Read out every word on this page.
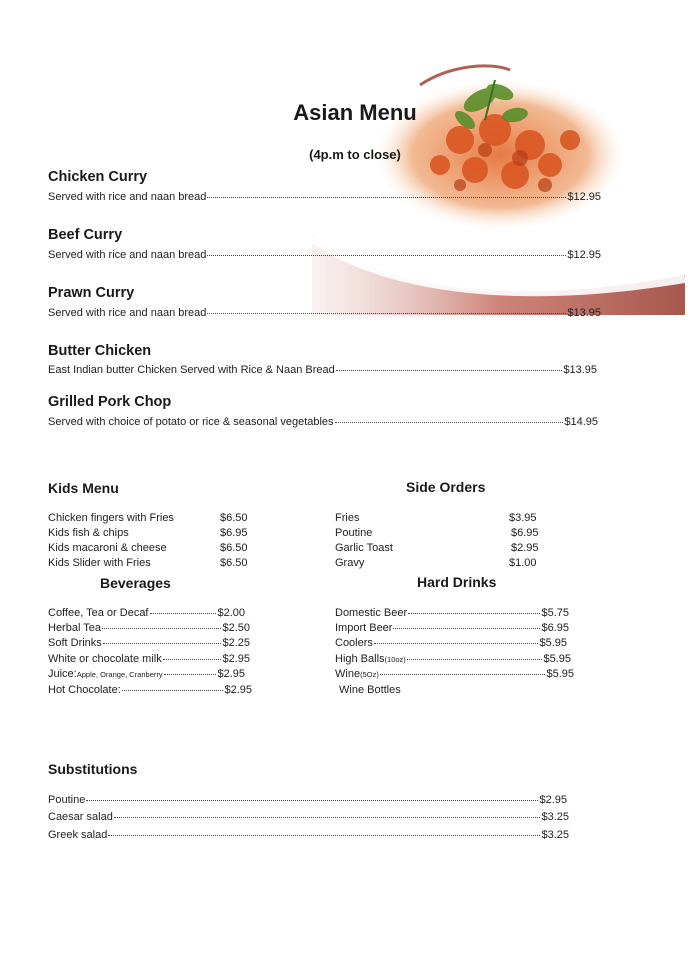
Asian Menu
(4p.m to close)
Chicken Curry
Served with rice and naan bread	$12.95
Beef Curry
Served with rice and naan bread	$12.95
Prawn Curry
Served with rice and naan bread	$13.95
Butter Chicken
East Indian butter Chicken Served with Rice & Naan Bread	$13.95
Grilled Pork Chop
Served with choice of potato or rice & seasonal vegetables	$14.95
Kids Menu
Chicken fingers with Fries	$6.50
Kids fish & chips	$6.95
Kids macaroni & cheese	$6.50
Kids Slider with Fries	$6.50
Side Orders
Fries	$3.95
Poutine	$6.95
Garlic Toast	$2.95
Gravy	$1.00
Beverages
Coffee, Tea or Decaf	$2.00
Herbal Tea	$2.50
Soft Drinks	$2.25
White or chocolate milk	$2.95
Juice: Apple, Orange, Cranberry	$2.95
Hot Chocolate:	$2.95
Hard Drinks
Domestic Beer	$5.75
Import Beer	$6.95
Coolers	$5.95
High Balls (10oz)	$5.95
Wine (5Oz)	$5.95
Wine Bottles
Substitutions
Poutine	$2.95
Caesar salad	$3.25
Greek salad	$3.25
